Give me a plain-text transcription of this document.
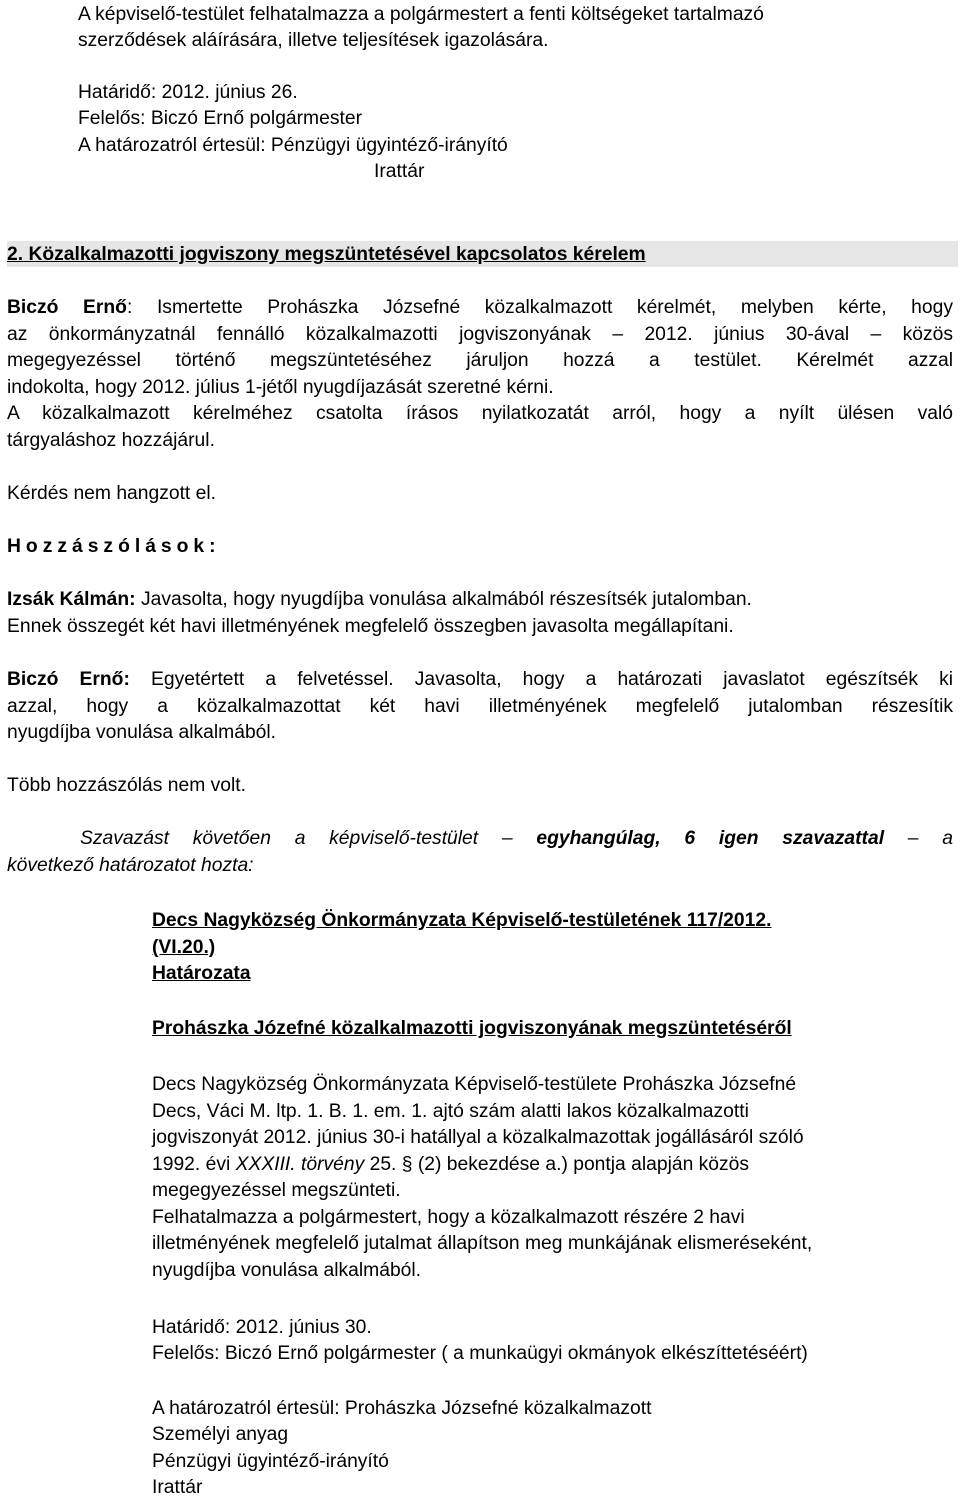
A képviselő-testület felhatalmazza a polgármestert a fenti költségeket tartalmazó
szerződések aláírására, illetve teljesítések igazolására.
Határidő: 2012. június 26.
Felelős: Biczó Ernő polgármester
A határozatról értesül: Pénzügyi ügyintéző-irányító
Irattár
2. Közalkalmazotti jogviszony megszüntetésével kapcsolatos kérelem
Biczó Ernő: Ismertette Prohászka Józsefné közalkalmazott kérelmét, melyben kérte, hogy
az önkormányzatnál fennálló közalkalmazotti jogviszonyának – 2012. június 30-ával – közös
megegyezéssel történő megszüntetéséhez járuljon hozzá a testület. Kérelmét azzal
indokolta, hogy 2012. július 1-jétől nyugdíjazását szeretné kérni.
A közalkalmazott kérelméhez csatolta írásos nyilatkozatát arról, hogy a nyílt ülésen való
tárgyaláshoz hozzájárul.
Kérdés nem hangzott el.
Hozzászólások:
Izsák Kálmán: Javasolta, hogy nyugdíjba vonulása alkalmából részesítsék jutalomban.
Ennek összegét két havi illetményének megfelelő összegben javasolta megállapítani.
Biczó Ernő: Egyetértett a felvetéssel. Javasolta, hogy a határozati javaslatot egészítsék ki
azzal, hogy a közalkalmazottat két havi illetményének megfelelő jutalomban részesítik
nyugdíjba vonulása alkalmából.
Több hozzászólás nem volt.
Szavazást követően a képviselő-testület – egyhangúlag, 6 igen szavazattal – a
következő határozatot hozta:
Decs Nagyközség Önkormányzata Képviselő-testületének 117/2012.
(VI.20.)
Határozata
Prohászka Józefné közalkalmazotti jogviszonyának megszüntetéséről
Decs Nagyközség Önkormányzata Képviselő-testülete Prohászka Józsefné
Decs, Váci M. ltp. 1. B. 1. em. 1. ajtó szám alatti lakos közalkalmazotti
jogviszonyát 2012. június 30-i hatállyal a közalkalmazottak jogállásáról szóló
1992. évi XXXIII. törvény 25. § (2) bekezdése a.) pontja alapján közös
megegyezéssel megszünteti.
Felhatalmazza a polgármestert, hogy a közalkalmazott részére 2 havi
illetményének megfelelő jutalmat állapítson meg munkájának elismeréseként,
nyugdíjba vonulása alkalmából.
Határidő: 2012. június 30.
Felelős: Biczó Ernő polgármester ( a munkaügyi okmányok elkészíttetéséért)
A határozatról értesül: Prohászka Józsefné közalkalmazott
Személyi anyag
Pénzügyi ügyintéző-irányító
Irattár
